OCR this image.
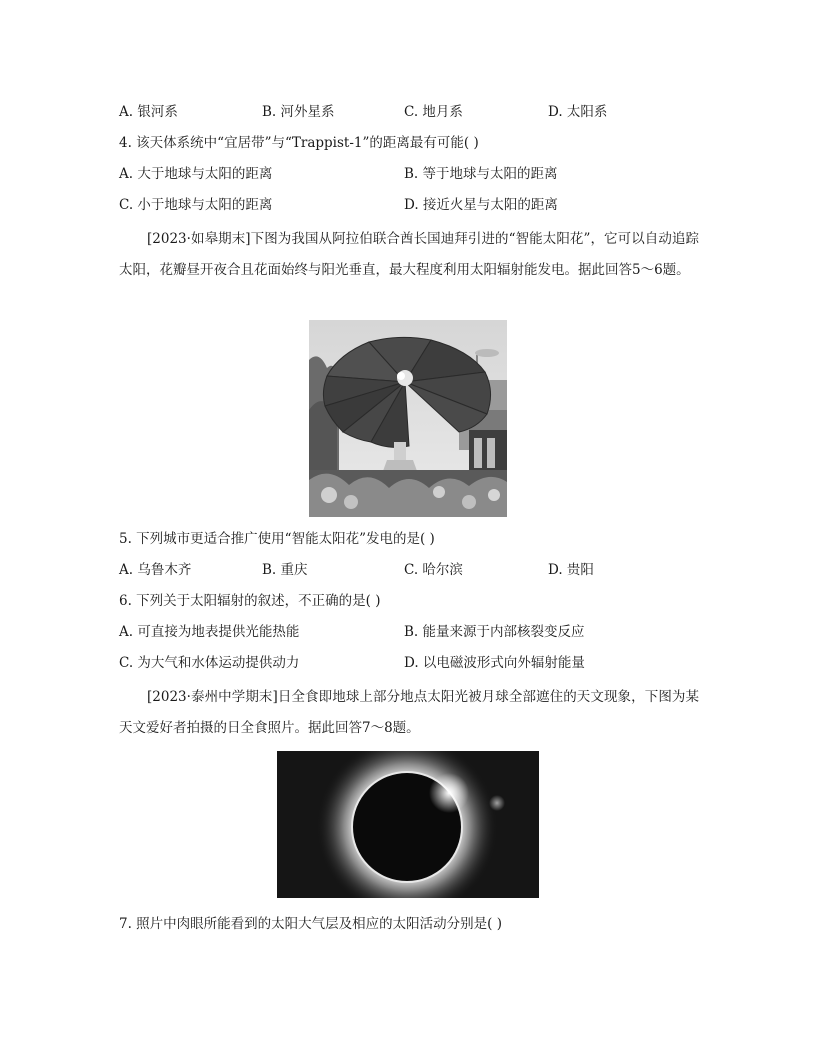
A. 银河系	B. 河外星系	C. 地月系	D. 太阳系
4. 该天体系统中“宜居带”与“Trappist-1”的距离最有可能( )
A. 大于地球与太阳的距离	B. 等于地球与太阳的距离
C. 小于地球与太阳的距离	D. 接近火星与太阳的距离
[2023·如皋期末]下图为我国从阿拉伯联合酋长国迪拜引进的“智能太阳花”，它可以自动追踪太阳，花瓣昼开夜合且花面始终与阳光垂直，最大程度利用太阳辐射能发电。据此回答5～6题。
5. 下列城市更适合推广使用“智能太阳花”发电的是( )
A. 乌鲁木齐	B. 重庆	C. 哈尔滨	D. 贵阳
6. 下列关于太阳辐射的叙述，不正确的是( )
A. 可直接为地表提供光能热能	B. 能量来源于内部核裂变反应
C. 为大气和水体运动提供动力	D. 以电磁波形式向外辐射能量
[2023·泰州中学期末]日全食即地球上部分地点太阳光被月球全部遮住的天文现象，下图为某天文爱好者拍摄的日全食照片。据此回答7～8题。
7. 照片中肉眼所能看到的太阳大气层及相应的太阳活动分别是( )
